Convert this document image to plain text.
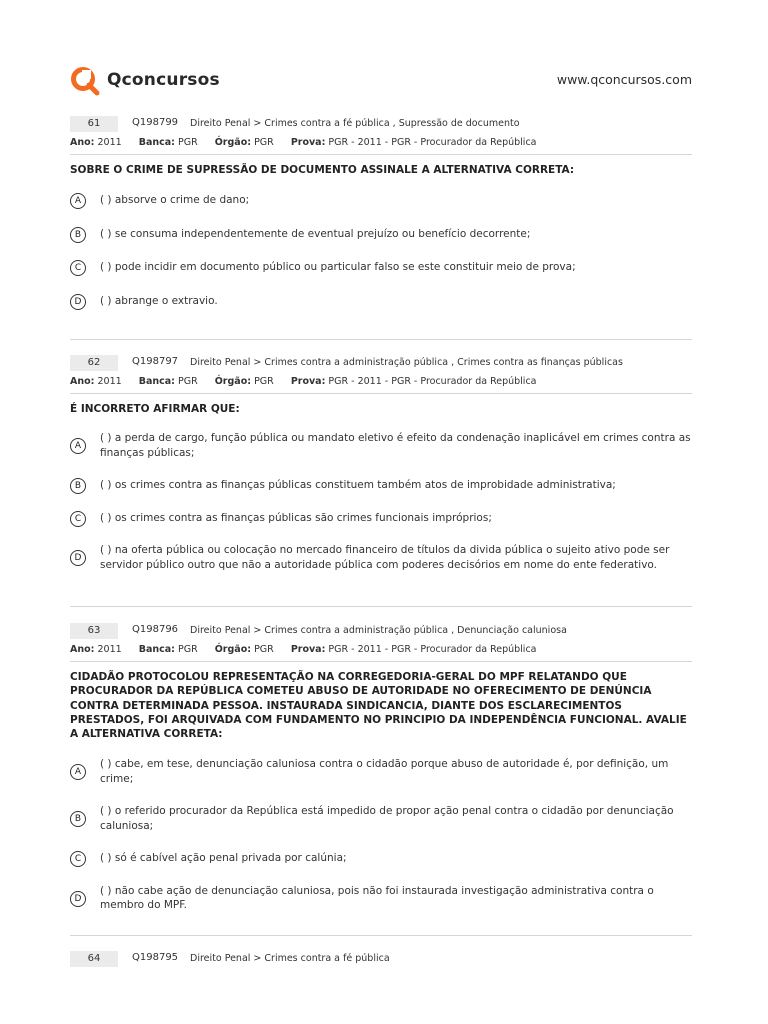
Qconcursos	www.qconcursos.com
61	Q198799 Direito Penal > Crimes contra a fé pública , Supressão de documento
Ano: 2011 Banca: PGR Órgão: PGR Prova: PGR - 2011 - PGR - Procurador da República
SOBRE O CRIME DE SUPRESSÃO DE DOCUMENTO ASSINALE A ALTERNATIVA CORRETA:
A	( ) absorve o crime de dano;
B	( ) se consuma independentemente de eventual prejuízo ou benefício decorrente;
C	( ) pode incidir em documento público ou particular falso se este constituir meio de prova;
D	( ) abrange o extravio.
62	Q198797 Direito Penal > Crimes contra a administração pública , Crimes contra as finanças públicas
Ano: 2011 Banca: PGR Órgão: PGR Prova: PGR - 2011 - PGR - Procurador da República
É INCORRETO AFIRMAR QUE:
A
( ) a perda de cargo, função pública ou mandato eletivo é efeito da condenação inaplicável em crimes contra as finanças públicas;
B	( ) os crimes contra as finanças públicas constituem também atos de improbidade administrativa;
C	( ) os crimes contra as finanças públicas são crimes funcionais impróprios;
D
( ) na oferta pública ou colocação no mercado financeiro de títulos da divida pública o sujeito ativo pode ser servidor público outro que não a autoridade pública com poderes decisórios em nome do ente federativo.
63	Q198796 Direito Penal > Crimes contra a administração pública , Denunciação caluniosa
Ano: 2011 Banca: PGR Órgão: PGR Prova: PGR - 2011 - PGR - Procurador da República
CIDADÃO PROTOCOLOU REPRESENTAÇÃO NA CORREGEDORIA-GERAL DO MPF RELATANDO QUE PROCURADOR DA REPÚBLICA COMETEU ABUSO DE AUTORIDADE NO OFERECIMENTO DE DENÚNCIA CONTRA DETERMINADA PESSOA. INSTAURADA SINDICANCIA, DIANTE DOS ESCLARECIMENTOS PRESTADOS, FOI ARQUIVADA COM FUNDAMENTO NO PRINCIPIO DA INDEPENDÊNCIA FUNCIONAL. AVALIE A ALTERNATIVA CORRETA:
A
( ) cabe, em tese, denunciação caluniosa contra o cidadão porque abuso de autoridade é, por definição, um crime;
B
( ) o referido procurador da República está impedido de propor ação penal contra o cidadão por denunciação caluniosa;
C	( ) só é cabível ação penal privada por calúnia;
D
( ) não cabe ação de denunciação caluniosa, pois não foi instaurada investigação administrativa contra o membro do MPF.
64	Q198795 Direito Penal > Crimes contra a fé pública
